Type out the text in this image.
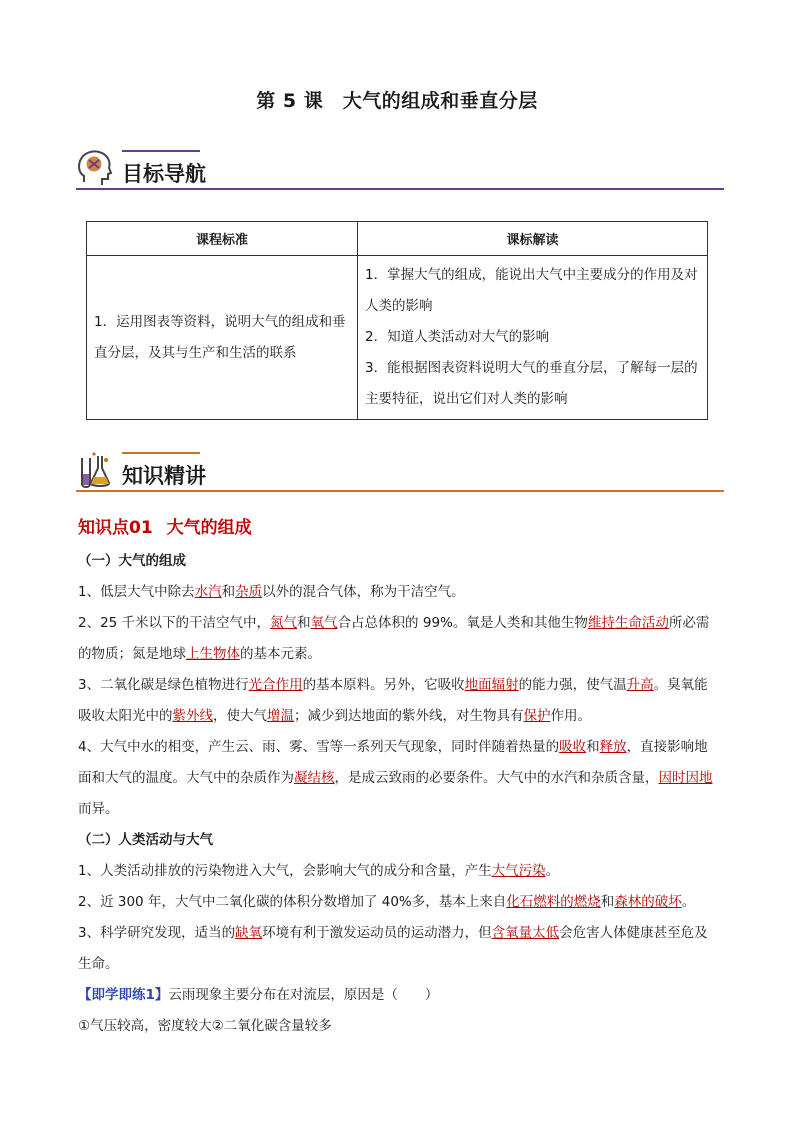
第 5 课　大气的组成和垂直分层
目标导航
课程标准	课标解读
1．运用图表等资料，说明大气的组成和垂直分层，及其与生产和生活的联系	1．掌握大气的组成，能说出大气中主要成分的作用及对人类的影响

2．知道人类活动对大气的影响

3．能根据图表资料说明大气的垂直分层，了解每一层的主要特征，说出它们对人类的影响

知识精讲
知识点01 大气的组成
（一）大气的组成

1、低层大气中除去水汽和杂质以外的混合气体，称为干洁空气。

2、25 千米以下的干洁空气中，氮气和氧气合占总体积的 99%。氧是人类和其他生物维持生命活动所必需的物质；氮是地球上生物体的基本元素。

3、二氧化碳是绿色植物进行光合作用的基本原料。另外，它吸收地面辐射的能力强，使气温升高。臭氧能吸收太阳光中的紫外线，使大气增温；减少到达地面的紫外线，对生物具有保护作用。

4、大气中水的相变，产生云、雨、雾、雪等一系列天气现象，同时伴随着热量的吸收和释放，直接影响地面和大气的温度。大气中的杂质作为凝结核，是成云致雨的必要条件。大气中的水汽和杂质含量，因时因地而异。

（二）人类活动与大气

1、人类活动排放的污染物进入大气，会影响大气的成分和含量，产生大气污染。

2、近 300 年，大气中二氧化碳的体积分数增加了 40%多，基本上来自化石燃料的燃烧和森林的破坏。

3、科学研究发现，适当的缺氧环境有利于激发运动员的运动潜力，但含氧量太低会危害人体健康甚至危及生命。

【即学即练1】云雨现象主要分布在对流层，原因是（　　）

①气压较高，密度较大②二氧化碳含量较多
